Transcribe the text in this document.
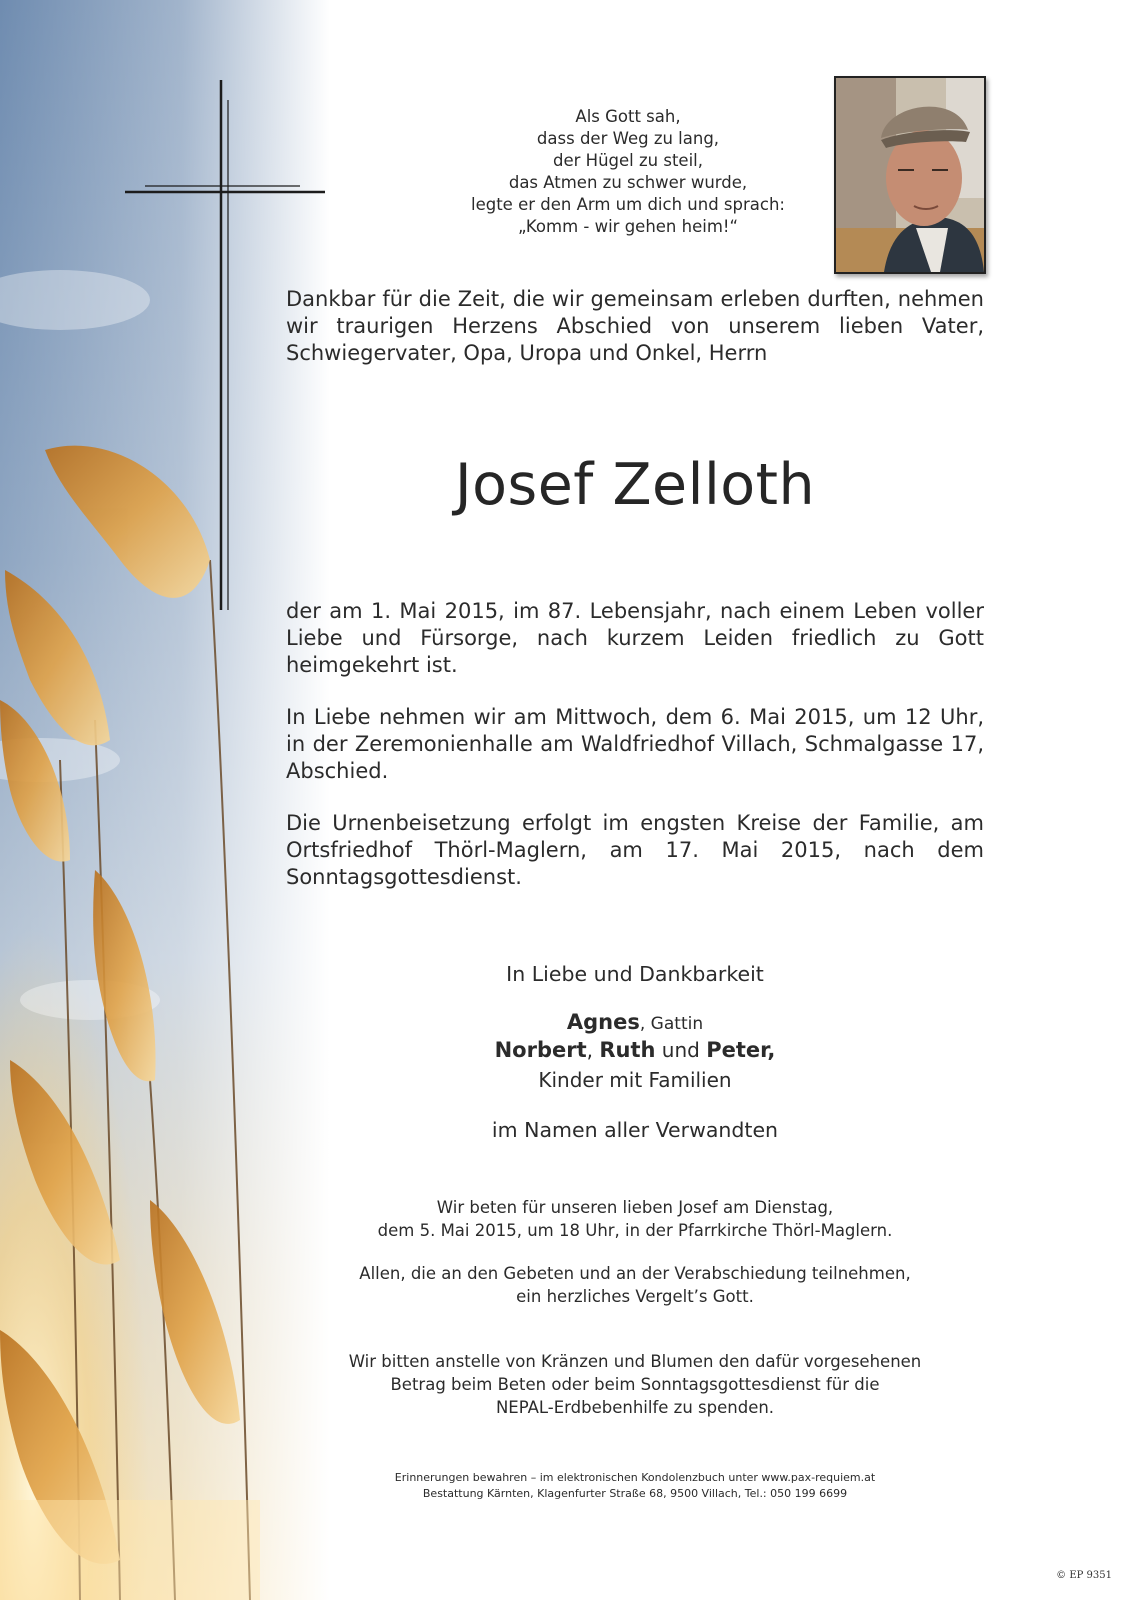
Als Gott sah,
dass der Weg zu lang,
der Hügel zu steil,
das Atmen zu schwer wurde,
legte er den Arm um dich und sprach:
„Komm - wir gehen heim!“
Dankbar für die Zeit, die wir gemeinsam erleben durften, nehmen wir traurigen Herzens Abschied von unserem lieben Vater, Schwiegervater, Opa, Uropa und Onkel, Herrn
Josef Zelloth
der am 1. Mai 2015, im 87. Lebensjahr, nach einem Leben voller Liebe und Fürsorge, nach kurzem Leiden friedlich zu Gott heimgekehrt ist.
In Liebe nehmen wir am Mittwoch, dem 6. Mai 2015, um 12 Uhr, in der Zeremonienhalle am Waldfriedhof Villach, Schmalgasse 17, Abschied.
Die Urnenbeisetzung erfolgt im engsten Kreise der Familie, am Ortsfriedhof Thörl-Maglern, am 17. Mai 2015, nach dem Sonntagsgottesdienst.
In Liebe und Dankbarkeit
Agnes, Gattin
Norbert, Ruth und Peter,
Kinder mit Familien
im Namen aller Verwandten
Wir beten für unseren lieben Josef am Dienstag,
dem 5. Mai 2015, um 18 Uhr, in der Pfarrkirche Thörl-Maglern.
Allen, die an den Gebeten und an der Verabschiedung teilnehmen,
ein herzliches Vergelt’s Gott.
Wir bitten anstelle von Kränzen und Blumen den dafür vorgesehenen
Betrag beim Beten oder beim Sonntagsgottesdienst für die
NEPAL-Erdbebenhilfe zu spenden.
Erinnerungen bewahren – im elektronischen Kondolenzbuch unter www.pax-requiem.at
Bestattung Kärnten, Klagenfurter Straße 68, 9500 Villach, Tel.: 050 199 6699
© EP 9351
